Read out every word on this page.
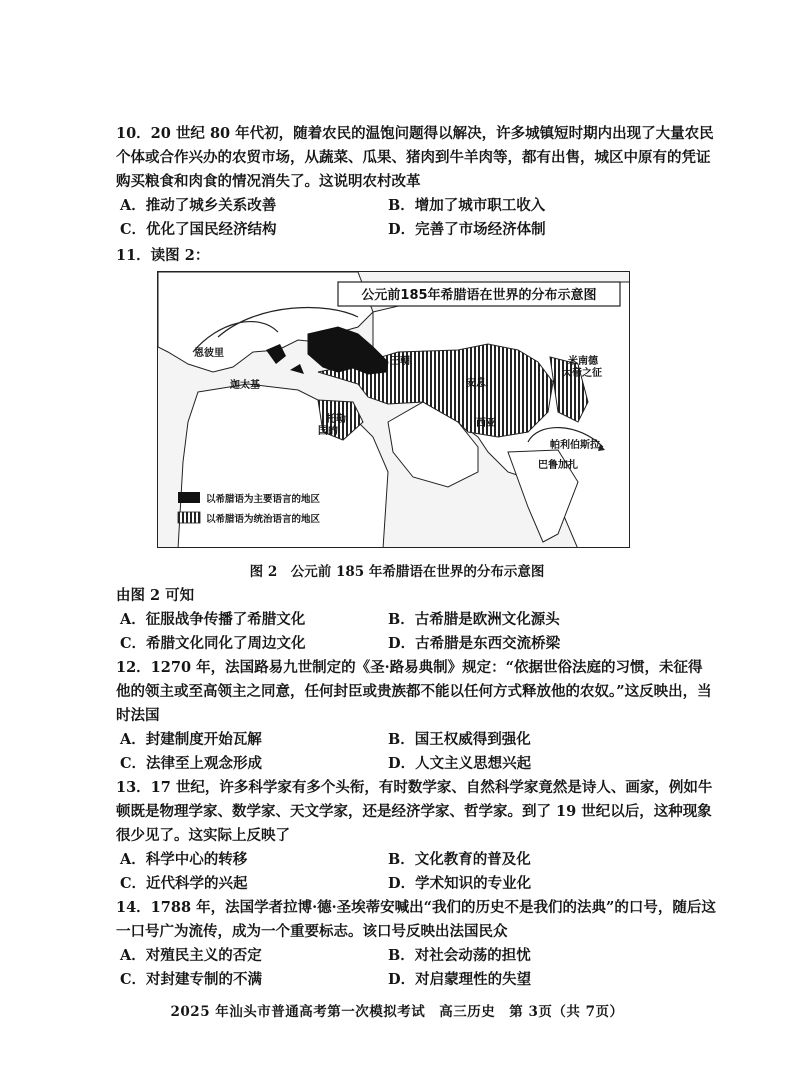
10．20 世纪 80 年代初，随着农民的温饱问题得以解决，许多城镇短时期内出现了大量农民个体或合作兴办的农贸市场，从蔬菜、瓜果、猪肉到牛羊肉等，都有出售，城区中原有的凭证购买粮食和肉食的情况消失了。这说明农村改革

A．推动了城乡关系改善	B．增加了城市职工收入
C．优化了国民经济结构	D．完善了市场经济体制

11．读图 2：

公元前185年希腊语在世界的分布示意图
恩彼里
迦太基
托勒
国的
王朝
安息
西亚
米南德
大帝之征
帕利伯斯拉
巴鲁加扎
以希腊语为主要语言的地区
以希腊语为统治语言的地区
图 2　公元前 185 年希腊语在世界的分布示意图

由图 2 可知

A．征服战争传播了希腊文化	B．古希腊是欧洲文化源头
C．希腊文化同化了周边文化	D．古希腊是东西交流桥梁

12．1270 年，法国路易九世制定的《圣·路易典制》规定：“依据世俗法庭的习惯，未征得他的领主或至高领主之同意，任何封臣或贵族都不能以任何方式释放他的农奴。”这反映出，当时法国

A．封建制度开始瓦解	B．国王权威得到强化
C．法律至上观念形成	D．人文主义思想兴起

13．17 世纪，许多科学家有多个头衔，有时数学家、自然科学家竟然是诗人、画家，例如牛顿既是物理学家、数学家、天文学家，还是经济学家、哲学家。到了 19 世纪以后，这种现象很少见了。这实际上反映了

A．科学中心的转移	B．文化教育的普及化
C．近代科学的兴起	D．学术知识的专业化

14．1788 年，法国学者拉博·德·圣埃蒂安喊出“我们的历史不是我们的法典”的口号，随后这一口号广为流传，成为一个重要标志。该口号反映出法国民众

A．对殖民主义的否定	B．对社会动荡的担忧
C．对封建专制的不满	D．对启蒙理性的失望
2025 年汕头市普通高考第一次模拟考试　高三历史　第 3页（共 7页）
